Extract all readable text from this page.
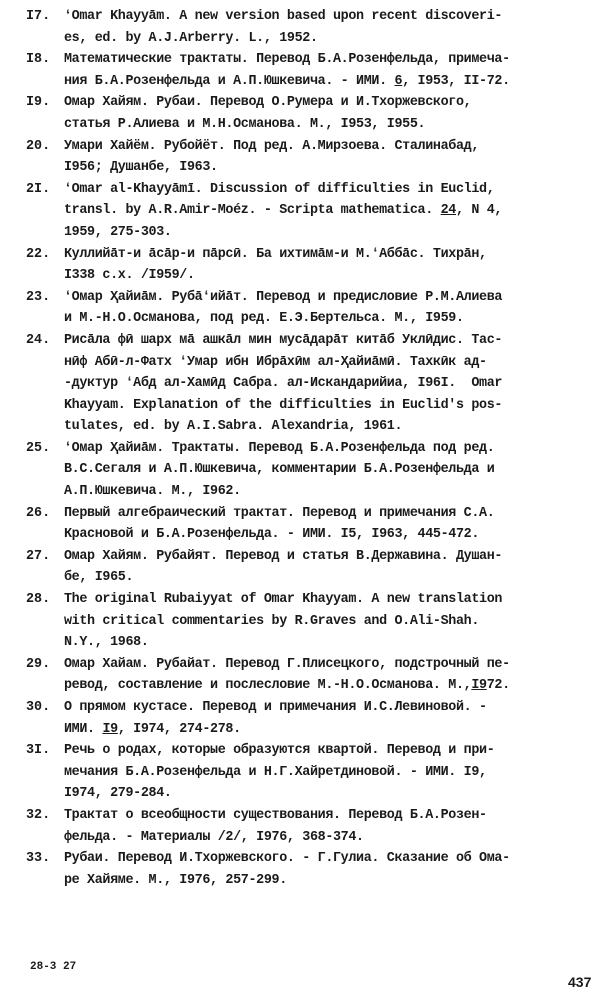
I7.	ʻOmar Khayyām. A new version based upon recent discoveri-
es, ed. by A.J.Arberry. L., 1952.
I8.	Математические трактаты. Перевод Б.А.Розенфельда, примеча-
ния Б.А.Розенфельда и А.П.Юшкевича. - ИМИ. 6, I953, II-72.
I9.	Омар Хайям. Рубаи. Перевод О.Румера и И.Тхоржевского,
статья Р.Алиева и М.Н.Османова. М., I953, I955.
20.	Умари Хайём. Рубойёт. Под ред. А.Мирзоева. Сталинабад,
I956; Душанбе, I963.
2I.	ʻOmar al-Khayyāmī. Discussion of difficulties in Euclid,
transl. by A.R.Amir-Moéz. - Scripta mathematica. 24, N 4,
1959, 275-303.
22.	Куллийāт-и āсāр-и пāрсӣ. Ба ихтимāм-и М.ʻАббāс. Тихрāн,
I338 с.х. /I959/.
23.	ʻОмар Ҳайиāм. Рубāʻийāт. Перевод и предисловие Р.М.Алиева
и М.-Н.О.Османова, под ред. Е.Э.Бертельса. М., I959.
24.	Рисāла фӣ шарх мā ашкāл мин мусāдарāт китāб Уклӣдис. Тас-
нӣф Абӣ-л-Фатх ʻУмар ибн Ибрāхӣм ал-Ҳайиāмӣ. Тахкӣк ад-
-дуктур ʻАбд ал-Хамӣд Сабра. ал-Искандарийиа, I96I.  Omar
Khayyam. Explanation of the difficulties in Euclid's pos-
tulates, ed. by A.I.Sabra. Alexandria, 1961.
25.	ʻОмар Ҳайиāм. Трактаты. Перевод Б.А.Розенфельда под ред.
В.С.Сегаля и А.П.Юшкевича, комментарии Б.А.Розенфельда и
А.П.Юшкевича. М., I962.
26.	Первый алгебраический трактат. Перевод и примечания С.А.
Красновой и Б.А.Розенфельда. - ИМИ. I5, I963, 445-472.
27.	Омар Хайям. Рубайят. Перевод и статья В.Державина. Душан-
бе, I965.
28.	The original Rubaiyyat of Omar Khayyam. A new translation
with critical commentaries by R.Graves and O.Ali-Shah.
N.Y., 1968.
29.	Омар Хайам. Рубайат. Перевод Г.Плисецкого, подстрочный пе-
ревод, составление и послесловие М.-Н.О.Османова. М.,I972.
30.	О прямом кустасе. Перевод и примечания И.С.Левиновой. -
ИМИ. I9, I974, 274-278.
3I.	Речь о родах, которые образуются квартой. Перевод и при-
мечания Б.А.Розенфельда и Н.Г.Хайретдиновой. - ИМИ. I9,
I974, 279-284.
32.	Трактат о всеобщности существования. Перевод Б.А.Розен-
фельда. - Материалы /2/, I976, 368-374.
33.	Рубаи. Перевод И.Тхоржевского. - Г.Гулиа. Сказание об Ома-
ре Хайяме. М., I976, 257-299.
28-3 27
437
